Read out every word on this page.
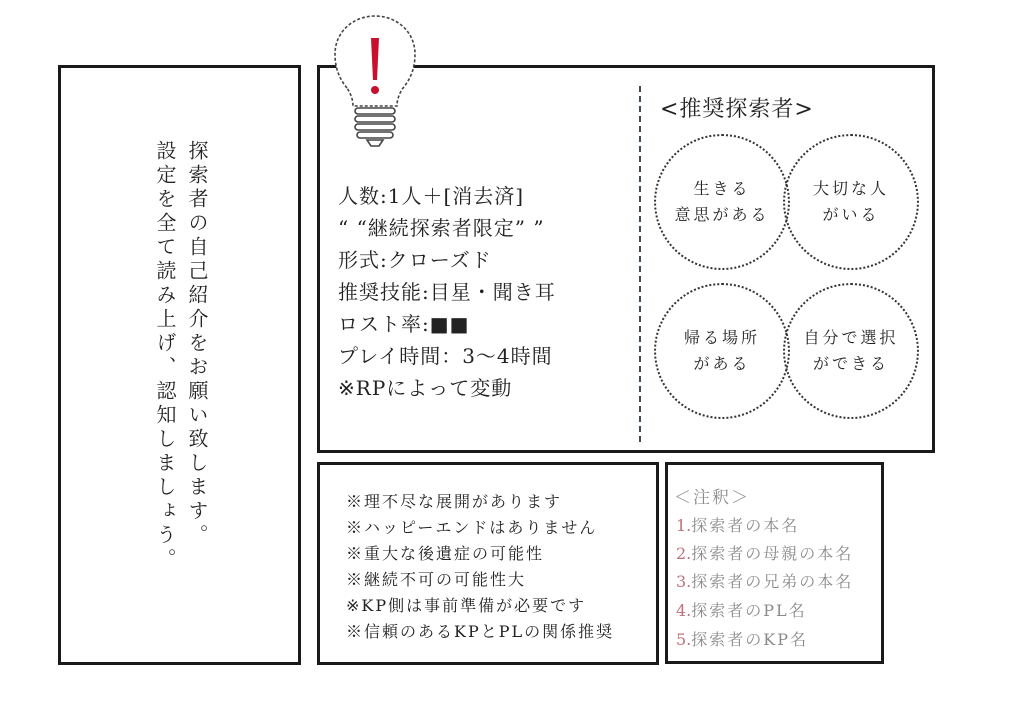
探索者の自己紹介をお願い致します。
設定を全て読み上げ、認知しましょう。	人数:1人＋[消去済]
“ “継続探索者限定” ”
形式:クローズド
推奨技能:目星・聞き耳
ロスト率:■■
プレイ時間：3〜4時間
※RPによって変動
<推奨探索者>
生きる
意思がある
大切な人
がいる
帰る場所
がある
自分で選択
ができる
※理不尽な展開があります
※ハッピーエンドはありません
※重大な後遺症の可能性
※継続不可の可能性大
※KP側は事前準備が必要です
※信頼のあるKPとPLの関係推奨
＜注釈＞
1.探索者の本名
2.探索者の母親の本名
3.探索者の兄弟の本名
4.探索者のPL名
5.探索者のKP名
